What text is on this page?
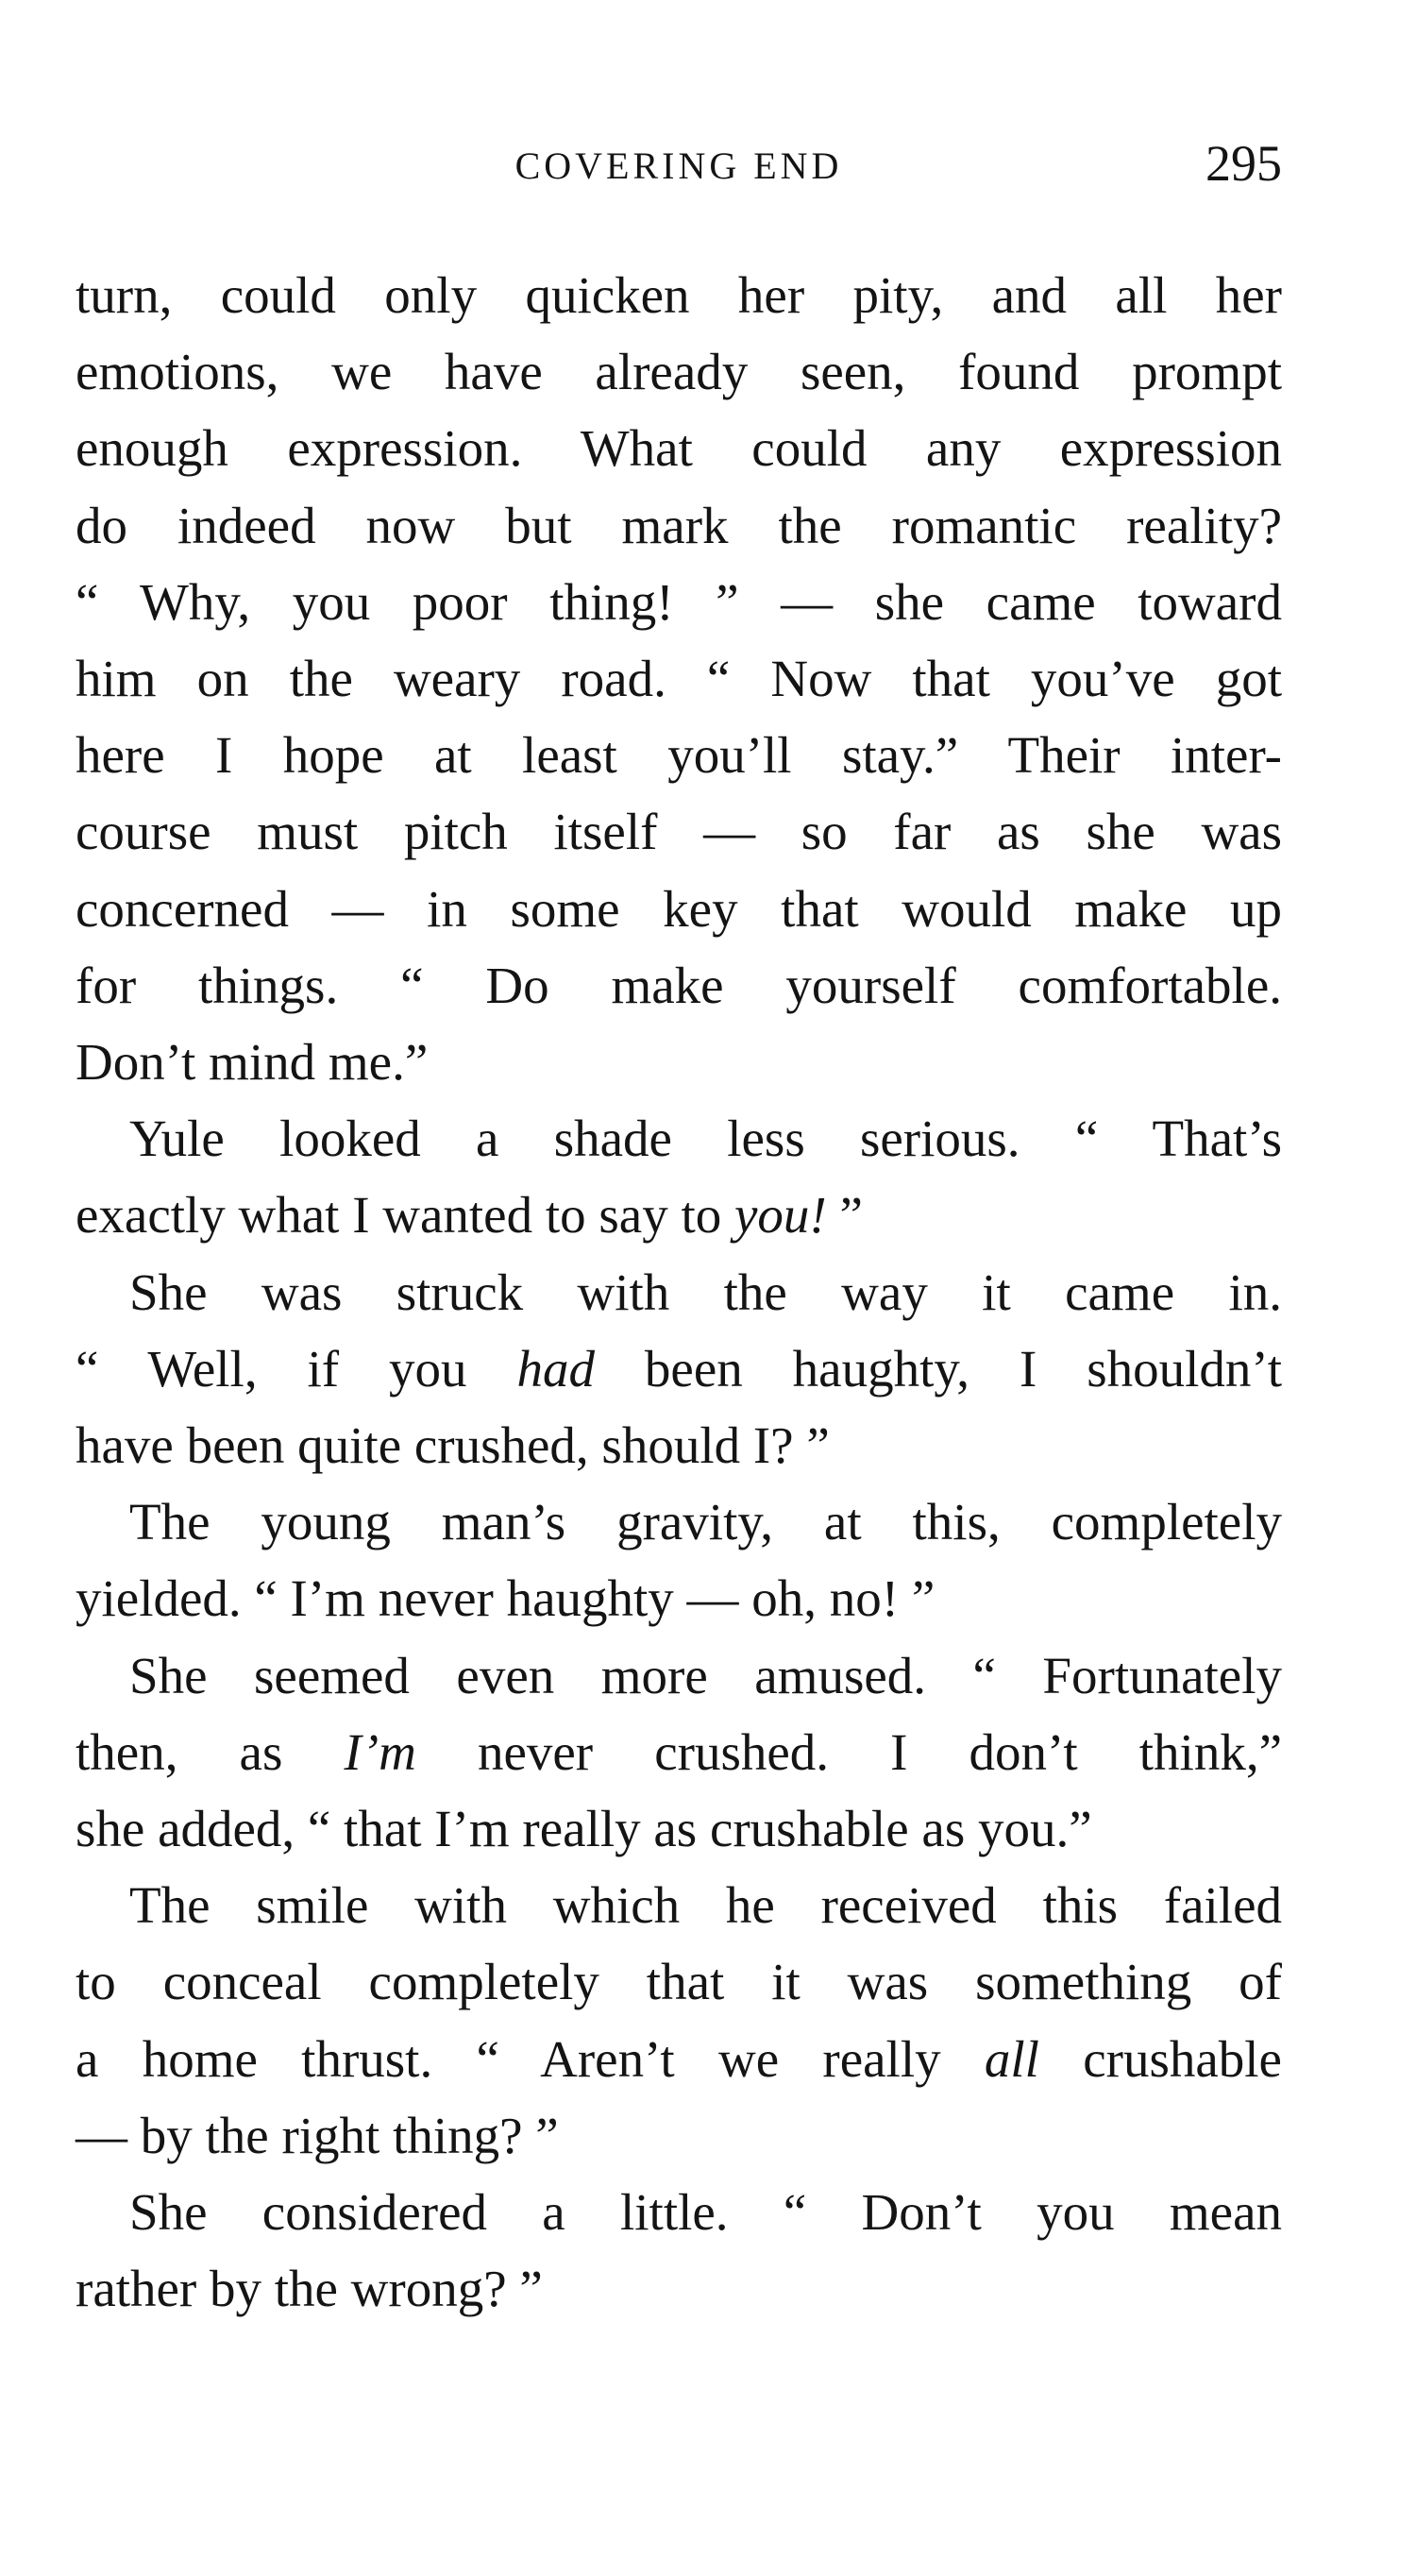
COVERING END	295

turn, could only quicken her pity, and all her

emotions, we have already seen, found prompt

enough expression. What could any expression

do indeed now but mark the romantic reality?

“ Why, you poor thing! ” — she came toward

him on the weary road. “ Now that you’ve got

here I hope at least you’ll stay.” Their inter-

course must pitch itself — so far as she was

concerned — in some key that would make up

for things. “ Do make yourself comfortable.

Don’t mind me.”

Yule looked a shade less serious. “ That’s

exactly what I wanted to say to you! ”

She was struck with the way it came in.

“ Well, if you had been haughty, I shouldn’t

have been quite crushed, should I? ”

The young man’s gravity, at this, completely

yielded. “ I’m never haughty — oh, no! ”

She seemed even more amused. “ Fortunately

then, as I’m never crushed. I don’t think,”

she added, “ that I’m really as crushable as you.”

The smile with which he received this failed

to conceal completely that it was something of

a home thrust. “ Aren’t we really all crushable

— by the right thing? ”

She considered a little. “ Don’t you mean

rather by the wrong? ”
